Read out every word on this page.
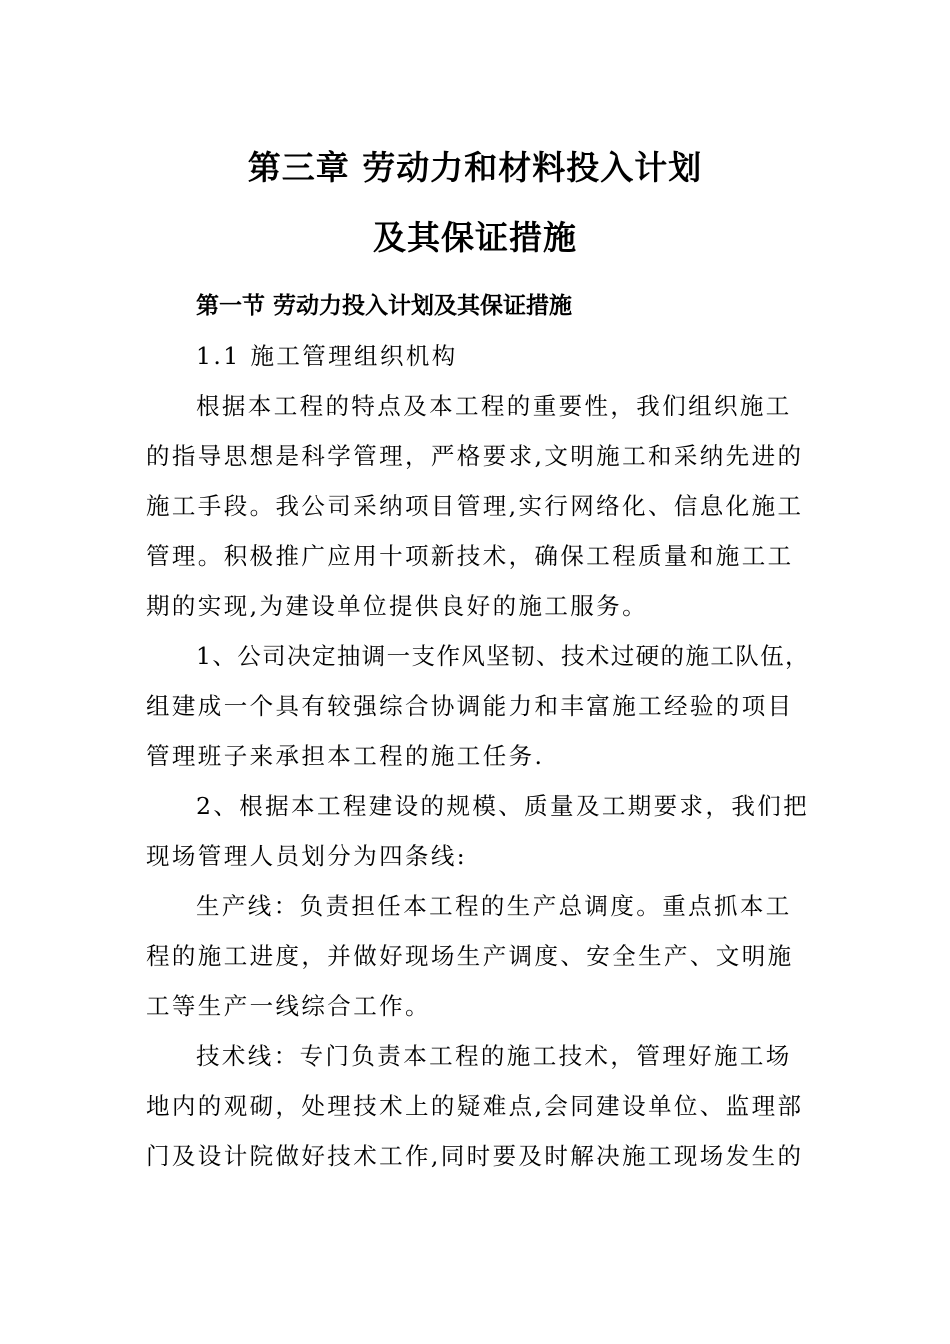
第三章 劳动力和材料投入计划
及其保证措施
第一节 劳动力投入计划及其保证措施
1.1 施工管理组织机构
根据本工程的特点及本工程的重要性，我们组织施工
的指导思想是科学管理，严格要求,文明施工和采纳先进的
施工手段。我公司采纳项目管理,实行网络化、信息化施工
管理。积极推广应用十项新技术，确保工程质量和施工工
期的实现,为建设单位提供良好的施工服务。
1、公司决定抽调一支作风坚韧、技术过硬的施工队伍，
组建成一个具有较强综合协调能力和丰富施工经验的项目
管理班子来承担本工程的施工任务.
2、根据本工程建设的规模、质量及工期要求，我们把
现场管理人员划分为四条线:
生产线：负责担任本工程的生产总调度。重点抓本工
程的施工进度，并做好现场生产调度、安全生产、文明施
工等生产一线综合工作。
技术线：专门负责本工程的施工技术，管理好施工场
地内的观砌，处理技术上的疑难点,会同建设单位、监理部
门及设计院做好技术工作,同时要及时解决施工现场发生的
